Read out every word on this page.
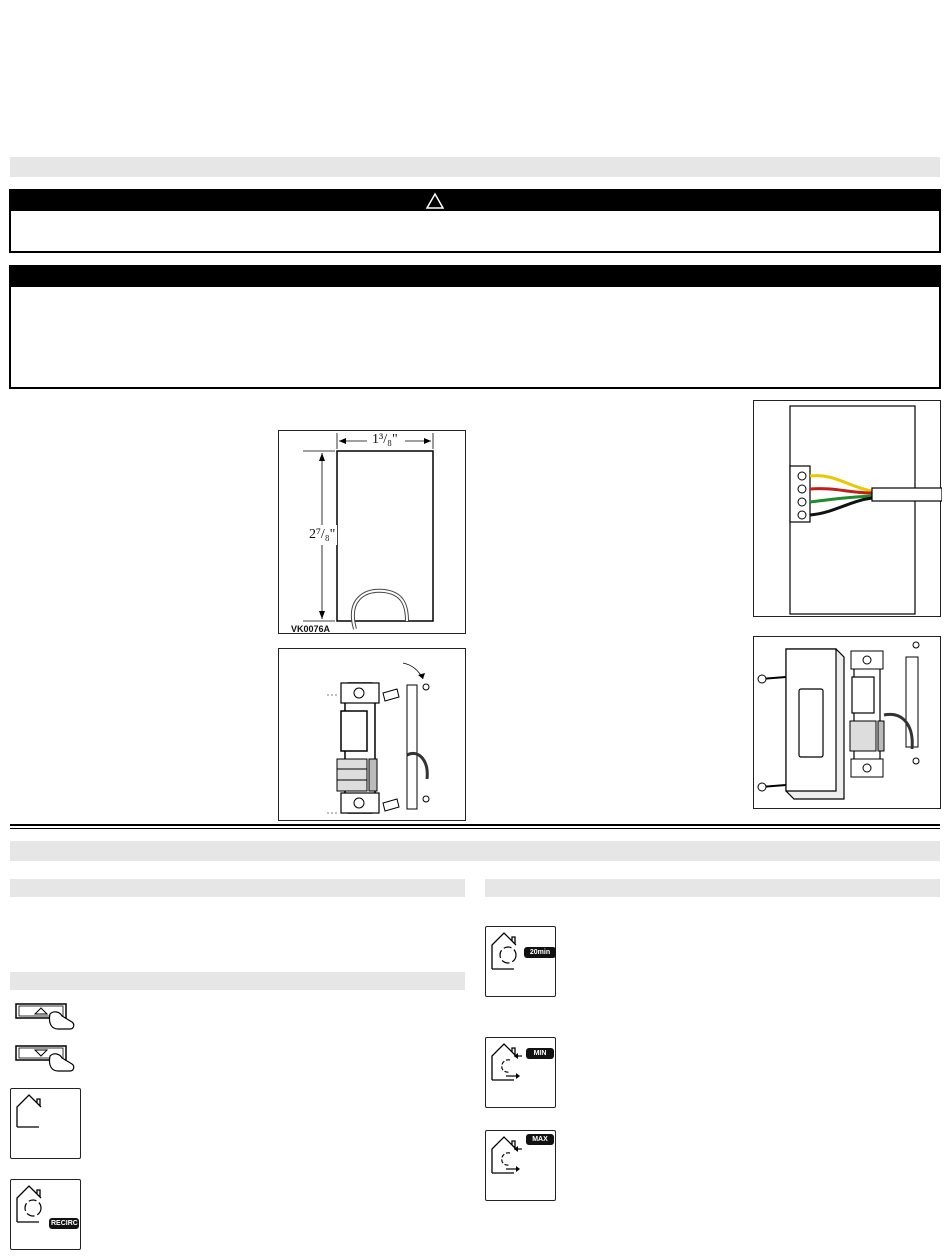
1³/₈"
2⁷/₈"
VK0076A
RECIRC
20min
MIN
MAX
